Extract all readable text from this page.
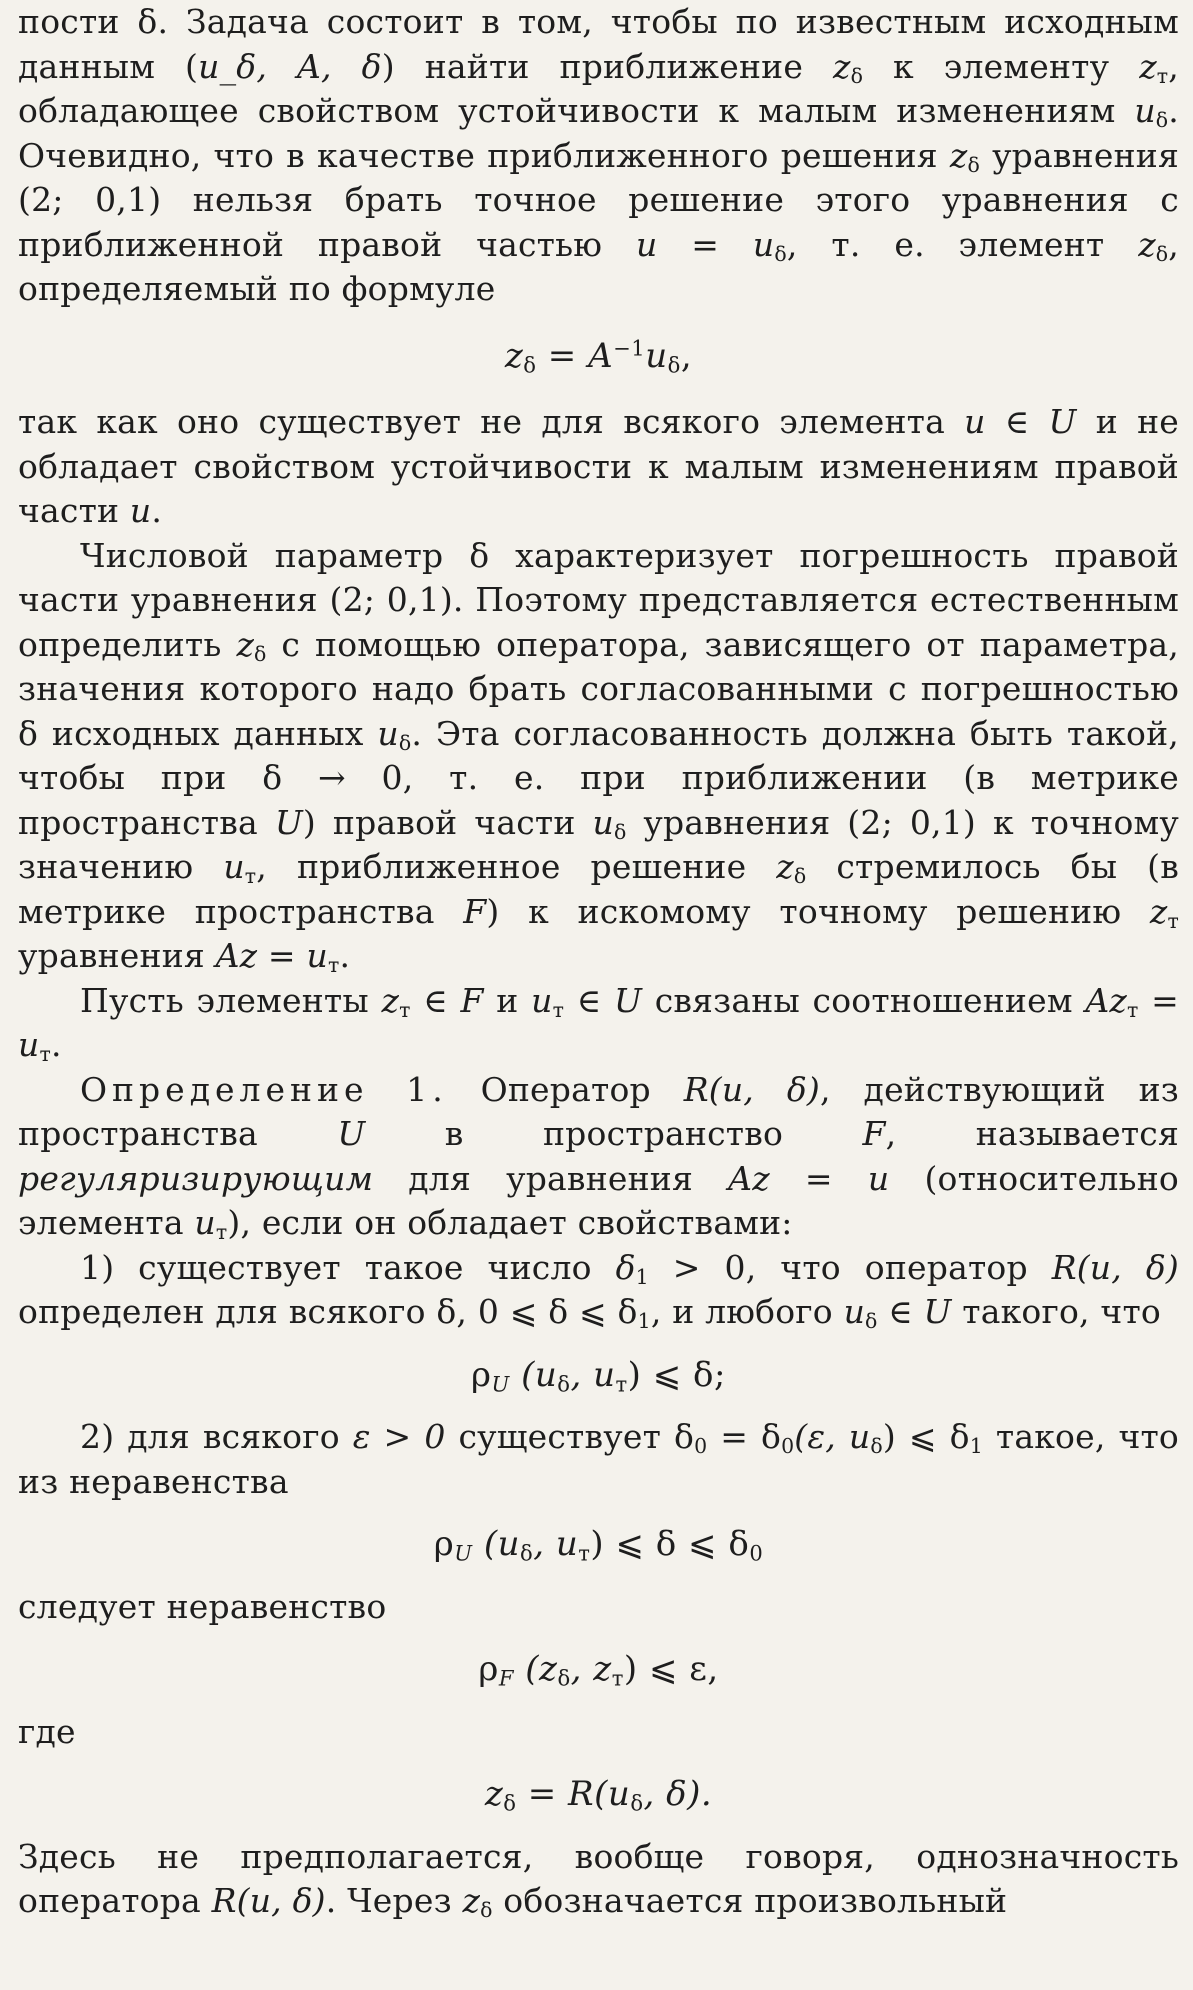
пости δ. Задача состоит в том, чтобы по известным исходным данным (u_δ, A, δ) найти приближение $z_\delta$ к элементу $z_т$, обладающее свойством устойчивости к малым изменениям $u_\delta$. Очевидно, что в качестве приближенного решения $z_\delta$ уравнения (2; 0,1) нельзя брать точное решение этого уравнения с приближенной правой частью $u = u_\delta$, т. е. элемент $z_\delta$, определяемый по формуле

$z_\delta = A^{-1}u_\delta$,

так как оно существует не для всякого элемента u ∈ U и не обладает свойством устойчивости к малым изменениям правой части u.

Числовой параметр δ характеризует погрешность правой части уравнения (2; 0,1). Поэтому представляется естественным определить $z_\delta$ с помощью оператора, зависящего от параметра, значения которого надо брать согласованными с погрешностью δ исходных данных $u_\delta$. Эта согласованность должна быть такой, чтобы при δ → 0, т. е. при приближении (в метрике пространства U) правой части $u_\delta$ уравнения (2; 0,1) к точному значению $u_т$, приближенное решение $z_\delta$ стремилось бы (в метрике пространства F) к искомому точному решению $z_т$ уравнения $Az = u_т$.

Пусть элементы $z_т$ ∈ F и $u_т$ ∈ U связаны соотношением $Az_т = u_т$.

Определение 1. Оператор R(u, δ), действующий из пространства U в пространство F, называется регуляризирующим для уравнения Az = u (относительно элемента $u_т$), если он обладает свойствами:

1) существует такое число $\delta_1 > 0$, что оператор R(u, δ) определен для всякого δ, 0 ⩽ δ ⩽ $\delta_1$, и любого $u_\delta$ ∈ U такого, что

$\rho_U$ ($u_\delta$, $u_т$) ⩽ δ;

2) для всякого ε > 0 существует $\delta_0 = \delta_0(\varepsilon$, $u_\delta$) ⩽ $\delta_1$ такое, что из неравенства

$\rho_U$ ($u_\delta$, $u_т$) ⩽ δ ⩽ $\delta_0$

следует неравенство

$\rho_F$ ($z_\delta$, $z_т$) ⩽ ε,

где

$z_\delta = R(u_\delta$, δ).

Здесь не предполагается, вообще говоря, однозначность оператора R(u, δ). Через $z_\delta$ обозначается произвольный
